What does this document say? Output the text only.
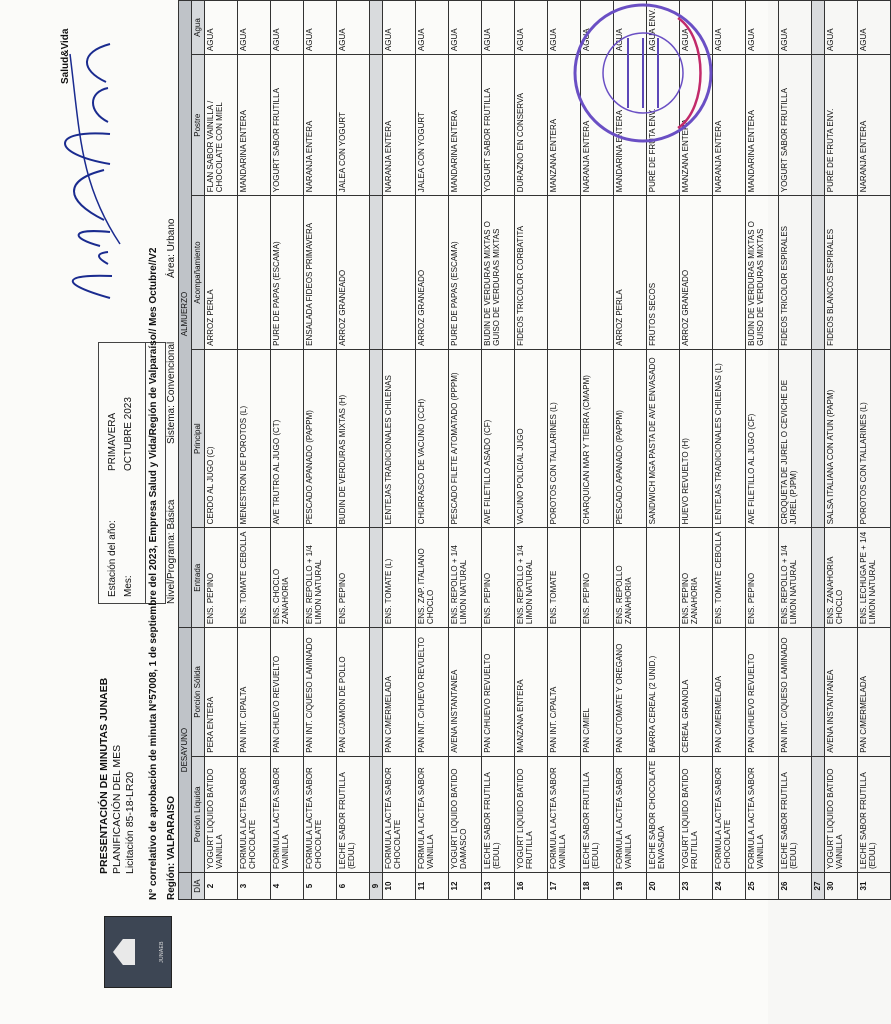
JUNAEB
PRESENTACIÓN DE MINUTAS JUNAEB PLANIFICACIÓN DEL MES Licitación 85-18-LR20
Estación del año:
PRIMAVERA
Mes:
OCTUBRE 2023
Salud&Vida
N° correlativo de aprobación de minuta N°57008, 1 de septiembre del 2023, Empresa Salud y Vida/Región de Valparaíso// Mes Octubre//V2 Región: VALPARAISO
Nivel/Programa: Básica
Sistema: Convencional
Área: Urbano
	DESAYUNO		ALMUERZO				
DÍA	Porción Líquida	Porción Sólida	Entrada	Principal	Acompañamiento	Postre	Agua
2	YOGURT LIQUIDO BATIDO VAINILLA	PERA ENTERA	ENS. PEPINO	CERDO AL JUGO (C)	ARROZ PERLA	FLAN SABOR VAINILLA / CHOCOLATE CON MIEL	AGUA
3	FORMULA LACTEA SABOR CHOCOLATE	PAN INT. CIPALTA	ENS. TOMATE CEBOLLA	MENESTRON DE POROTOS (L)		MANDARINA ENTERA	AGUA
4	FORMULA LACTEA SABOR VAINILLA	PAN CHUEVO REVUELTO	ENS. CHOCLO ZANAHORIA	AVE TRUTRO AL JUGO (CT)	PURE DE PAPAS (ESCAMA)	YOGURT SABOR FRUTILLA	AGUA
5	FORMULA LACTEA SABOR CHOCOLATE	PAN INT. C/QUESO LAMINADO	ENS. REPOLLO + 1/4 LIMON NATURAL	PESCADO APANADO (PAPPM)	ENSALADA FIDEOS PRIMAVERA	NARANJA ENTERA	AGUA
6	LECHE SABOR FRUTILLA (EDUL)	PAN C/JAMON DE POLLO	ENS. PEPINO	BUDIN DE VERDURAS MIXTAS (H)	ARROZ GRANEADO	JALEA CON YOGURT	AGUA
9							
10	FORMULA LACTEA SABOR CHOCOLATE	PAN C/MERMELADA	ENS. TOMATE (L)	LENTEJAS TRADICIONALES CHILENAS		NARANJA ENTERA	AGUA
11	FORMULA LACTEA SABOR VAINILLA	PAN INT. C/HUEVO REVUELTO	ENS. ZAP. ITALIANO CHOCLO	CHURRASCO DE VACUNO (CCH)	ARROZ GRANEADO	JALEA CON YOGURT	AGUA
12	YOGURT LIQUIDO BATIDO DAMASCO	AVENA INSTANTANEA	ENS. REPOLLO + 1/4 LIMON NATURAL	PESCADO FILETE A/TOMATADO (PPPM)	PURE DE PAPAS (ESCAMA)	MANDARINA ENTERA	AGUA
13	LECHE SABOR FRUTILLA (EDUL)	PAN C/HUEVO REVUELTO	ENS. PEPINO	AVE FILETILLO ASADO (CF)	BUDIN DE VERDURAS MIXTAS O GUISO DE VERDURAS MIXTAS	YOGURT SABOR FRUTILLA	AGUA
16	YOGURT LIQUIDO BATIDO FRUTILLA	MANZANA ENTERA	ENS. REPOLLO + 1/4 LIMON NATURAL	VACUNO POLICIAL JUGO	FIDEOS TRICOLOR CORBATITA	DURAZNO EN CONSERVA	AGUA
17	FORMULA LACTEA SABOR VAINILLA	PAN INT. C/PALTA	ENS. TOMATE	POROTOS CON TALLARINES (L)		MANZANA ENTERA	AGUA
18	LECHE SABOR FRUTILLA (EDUL)	PAN C/MIEL	ENS. PEPINO	CHARQUICAN MAR Y TIERRA (CMAPM)		NARANJA ENTERA	AGUA
19	FORMULA LACTEA SABOR VAINILLA	PAN C/TOMATE Y OREGANO	ENS. REPOLLO ZANAHORIA	PESCADO APANADO (PAPPM)	ARROZ PERLA	MANDARINA ENTERA	AGUA
20	LECHE SABOR CHOCOLATE ENVASADA	BARRA CEREAL (2 UNID.)		SANDWICH MGA PASTA DE AVE ENVASADO	FRUTOS SECOS	PURÉ DE FRUTA ENV.	AGUA ENV.
23	YOGURT LIQUIDO BATIDO FRUTILLA	CEREAL GRANOLA	ENS. PEPINO ZANAHORIA	HUEVO REVUELTO (H)	ARROZ GRANEADO	MANZANA ENTERA	AGUA
24	FORMULA LACTEA SABOR CHOCOLATE	PAN C/MERMELADA	ENS. TOMATE CEBOLLA	LENTEJAS TRADICIONALES CHILENAS (L)		NARANJA ENTERA	AGUA
25	FORMULA LACTEA SABOR VAINILLA	PAN C/HUEVO REVUELTO	ENS. PEPINO	AVE FILETILLO AL JUGO (CF)	BUDIN DE VERDURAS MIXTAS O GUISO DE VERDURAS MIXTAS	MANDARINA ENTERA	AGUA
26	LECHE SABOR FRUTILLA (EDUL)	PAN INT. C/QUESO LAMINADO	ENS. REPOLLO + 1/4 LIMON NATURAL	CROQUETA DE JUREL O CEVICHE DE JUREL (PJPM)	FIDEOS TRICOLOR ESPIRALES	YOGURT SABOR FRUTILLA	AGUA
27							
30	YOGURT LIQUIDO BATIDO VAINILLA	AVENA INSTANTANEA	ENS. ZANAHORIA CHOCLO	SALSA ITALIANA CON ATUN (PAPM)	FIDEOS BLANCOS ESPIRALES	PURÉ DE FRUTA ENV.	AGUA
31	LECHE SABOR FRUTILLA (EDUL)	PAN C/MERMELADA	ENS. LECHUGA PE + 1/4 LIMON NATURAL	POROTOS CON TALLARINES (L)		NARANJA ENTERA	AGUA
